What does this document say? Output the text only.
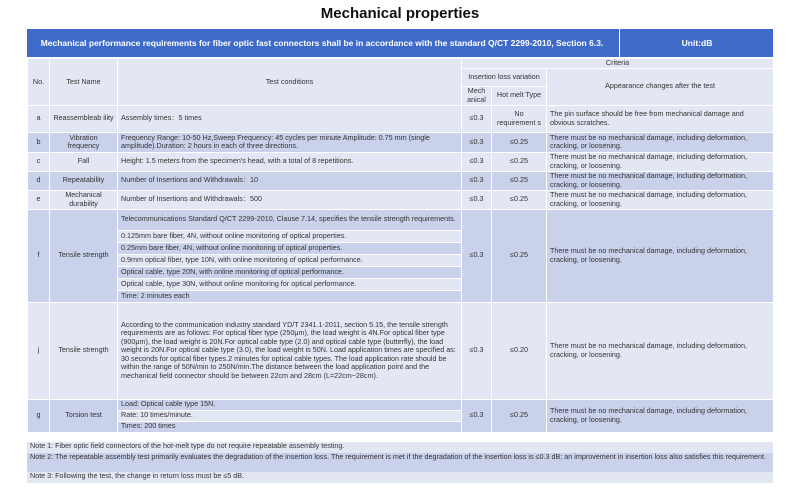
Mechanical properties
Mechanical performance requirements for fiber optic fast connectors shall be in accordance with the standard Q/CT 2299-2010, Section 6.3.	Unit:dB
No.	Test Name	Test conditions	Criteria		
			Insertion loss variation		Appearance changes after the test
			Mech anical	Hot melt Type	
a	Reassembleab ility	Assembly times：5 times	≤0.3	No requirement s	The pin surface should be free from mechanical damage and obvious scratches.
b	Vibration frequency	Frequency Range: 10-50 Hz,Sweep Frequency: 45 cycles per minute Amplitude: 0.75 mm (single amplitude).Duration: 2 hours in each of three directions.	≤0.3	≤0.25	There must be no mechanical damage, including deformation, cracking, or loosening.
c	Fall	Height: 1.5 meters from the specimen's head, with a total of 8 repetitions.	≤0.3	≤0.25	There must be no mechanical damage, including deformation, cracking, or loosening.
d	Repeatability	Number of Insertions and Withdrawals：10	≤0.3	≤0.25	There must be no mechanical damage, including deformation, cracking, or loosening.
e	Mechanical durability	Number of Insertions and Withdrawals：500	≤0.3	≤0.25	There must be no mechanical damage, including deformation, cracking, or loosening.
f	Tensile strength	Telecommunications Standard Q/CT 2299-2010, Clause 7.14, specifies the tensile strength requirements.	≤0.3	≤0.25	There must be no mechanical damage, including deformation, cracking, or loosening.
		0.125mm bare fiber, 4N, without online monitoring of optical properties.			
		0.25mm bare fiber, 4N, without online monitoring of optical properties.			
		0.9mm optical fiber, type 10N, with online monitoring of optical performance.			
		Optical cable, type 20N, with online monitoring of optical performance.			
		Optical cable, type 30N, without online monitoring for optical performance.			
		Time: 2 minutes each			
j	Tensile strength	According to the communication industry standard YD/T 2341.1-2011, section 5.15, the tensile strength requirements are as follows: For optical fiber type (250μm), the load weight is 4N.For optical fiber type (900μm), the load weight is 20N.For optical cable type (2.0) and optical cable type (butterfly), the load weight is 20N.For optical cable type (3.0), the load weight is 50N. Load application times are specified as: 30 seconds for optical fiber types.2 minutes for optical cable types. The load application rate should be within the range of 50N/min to 250N/min.The distance between the load application point and the mechanical field connector should be between 22cm and 28cm (L=22cm~28cm).	≤0.3	≤0.20	There must be no mechanical damage, including deformation, cracking, or loosening.
g	Torsion test	Load: Optical cable type 15N.	≤0.3	≤0.25	There must be no mechanical damage, including deformation, cracking, or loosening.
		Rate: 10 times/minute.			
		Times: 200 times			
Note 1: Fiber optic field connectors of the hot-melt type do not require repeatable assembly testing.
Note 2: The repeatable assembly test primarily evaluates the degradation of the insertion loss. The requirement is met if the degradation of the insertion loss is ≤0.3 dB; an improvement in insertion loss also satisfies this requirement.
Note 3: Following the test, the change in return loss must be ≤5 dB.
